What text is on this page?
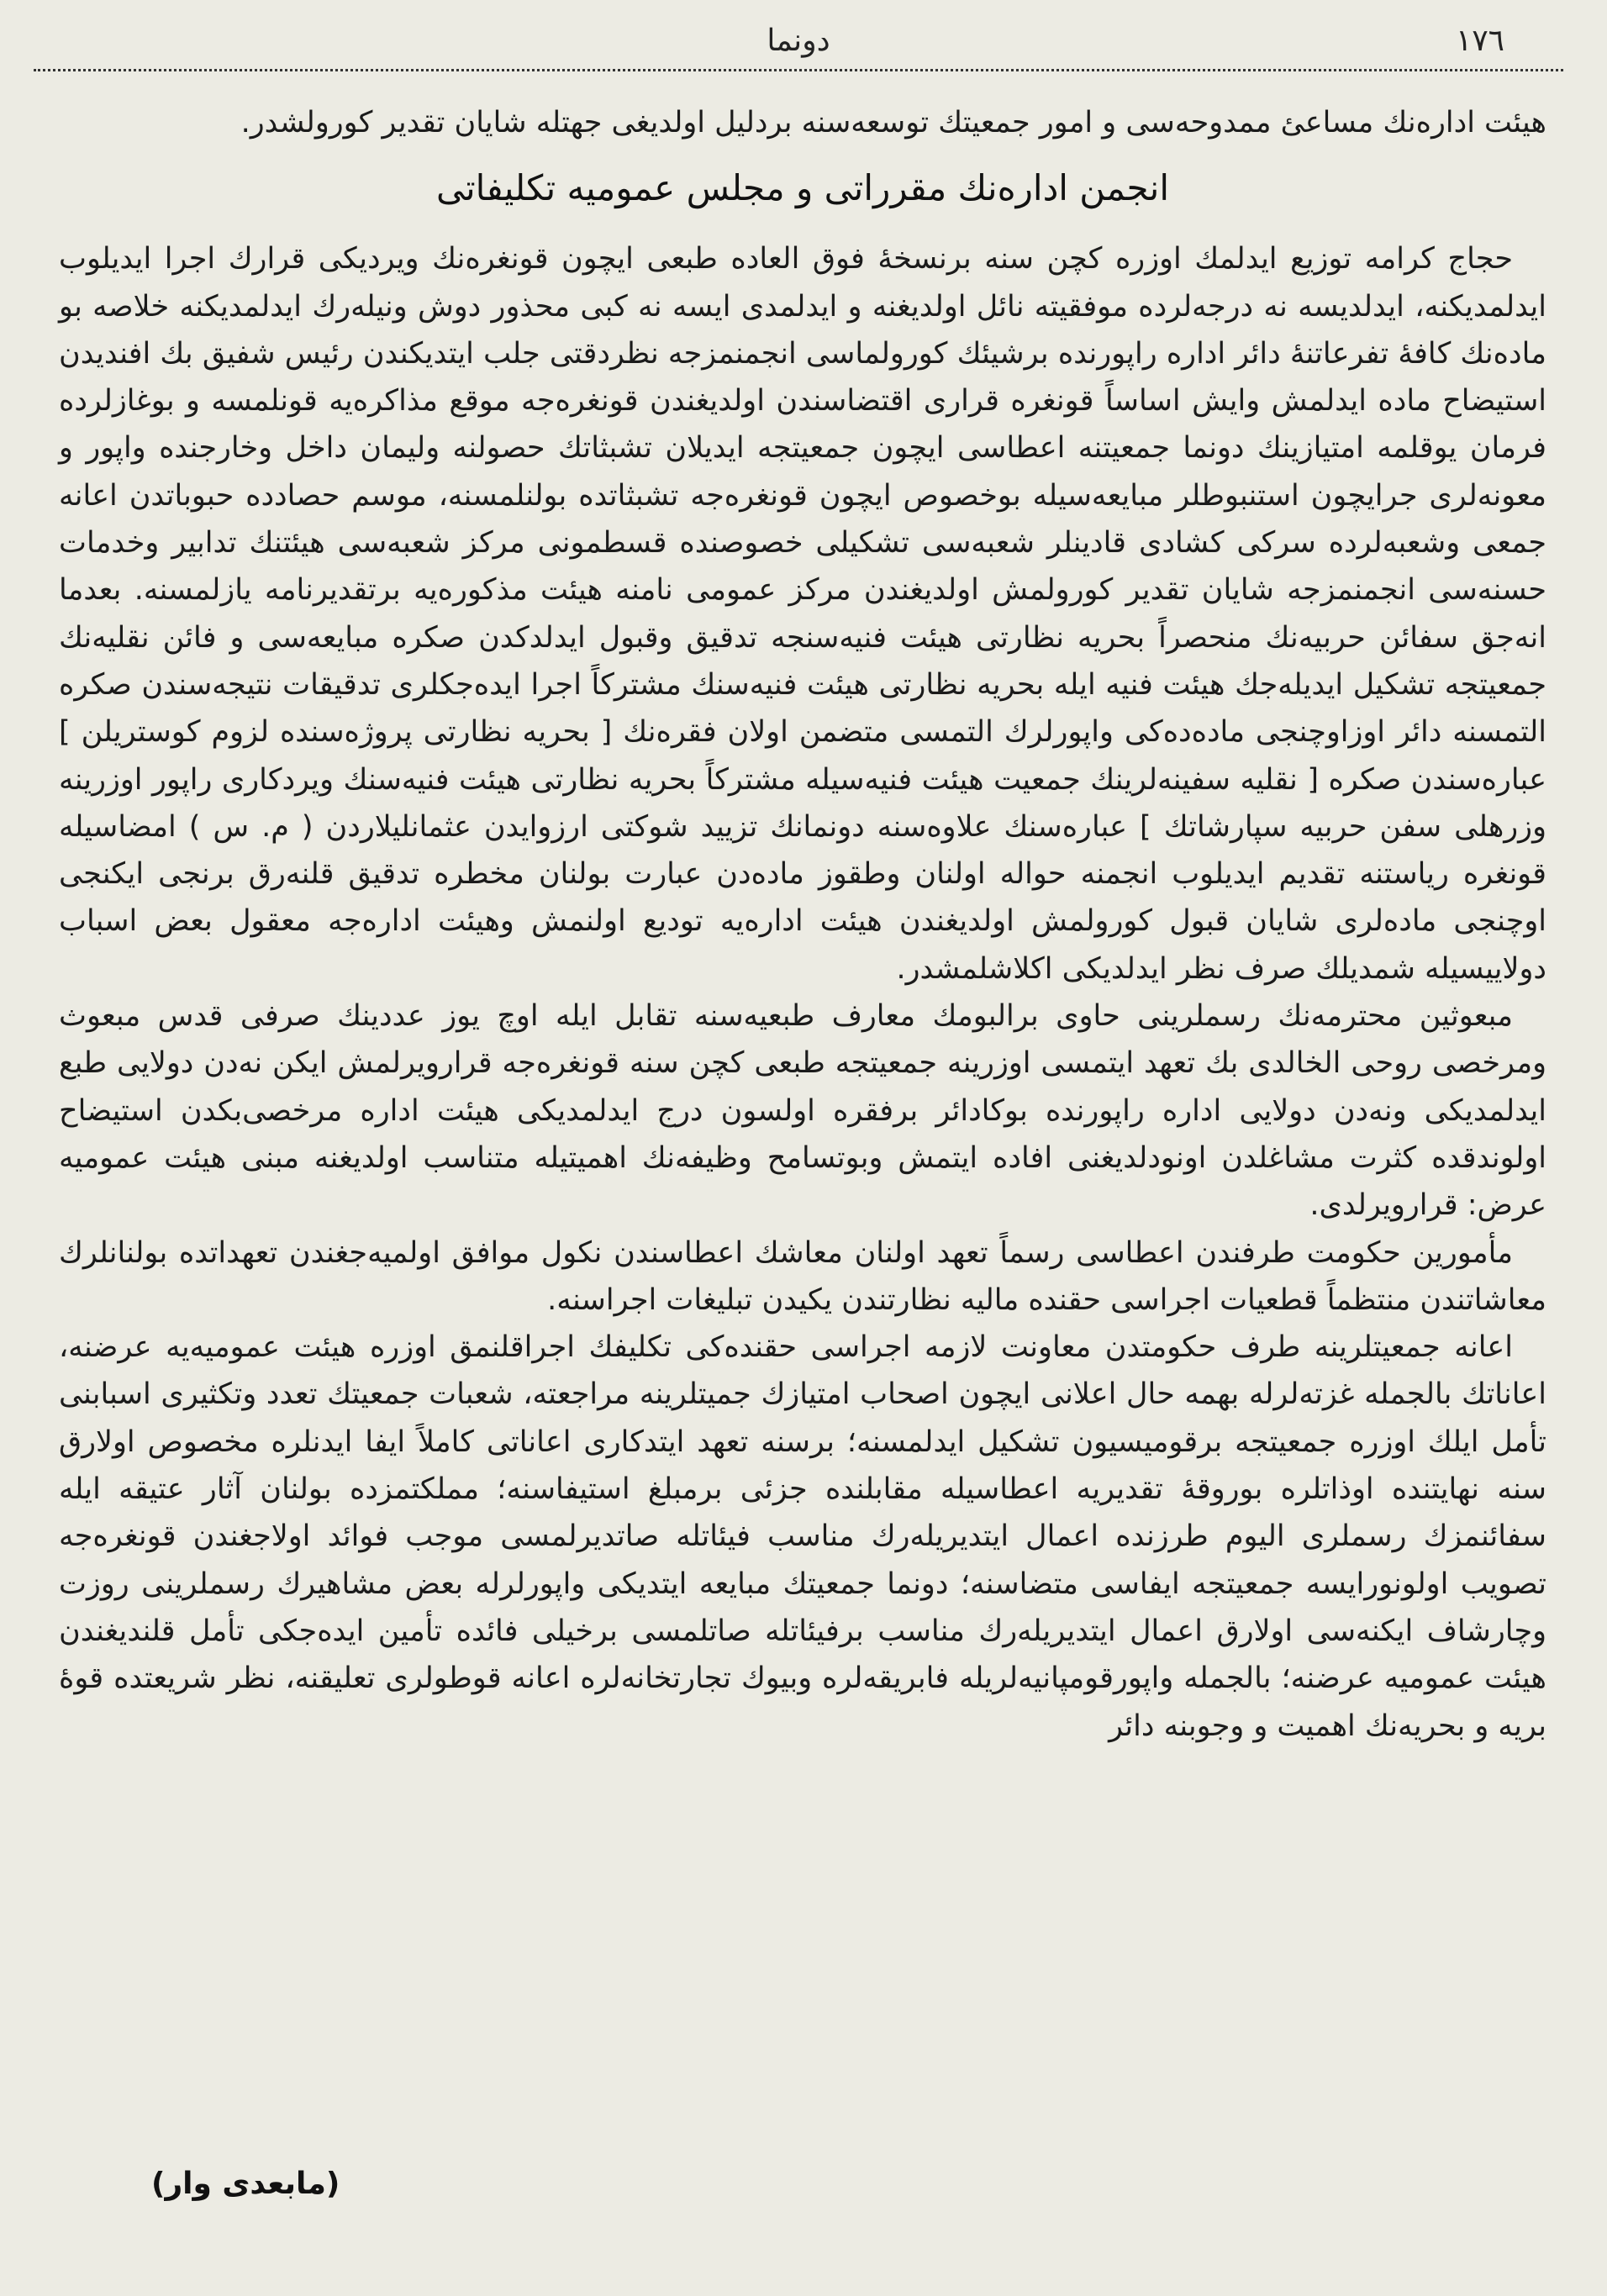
دونما	١٧٦

هیئت ادارەنك مساعئ ممدوحەسی و امور جمعیتك توسعەسنه بردلیل اولدیغی جهتله شایان تقدیر کورولشدر.

انجمن ادارەنك مقرراتی و مجلس عمومیه تكلیفاتی

حجاج کرامه توزیع ایدلمك اوزره کچن سنه برنسخهٔ فوق العاده طبعی ایچون قونغرەنك ویردیكی قرارك اجرا ایدیلوب ایدلمدیكنه، ایدلدیسه نه درجه‌لرده موفقیته نائل اولدیغنه و ایدلمدی ایسه نه كبی محذور دوش ونیله‌رك ایدلمدیكنه خلاصه بو مادەنك كافهٔ تفرعاتنهٔ دائر اداره راپورنده برشیئك کورولماسی انجمنمزجه نظردقتی جلب ایتدیكندن رئیس شفیق بك افندیدن استیضاح ماده ایدلمش وایش اساساً قونغره قراری اقتضاسندن اولدیغندن قونغره‌جه موقع مذاکره‌یه قونلمسه و بوغازلرده فرمان یوقلمه امتیازینك دونما جمعیتنه اعطاسی ایچون جمعیتجه ایدیلان تشبثاتك حصولنه ولیمان داخل وخارجنده واپور و معونه‌لری جرایچون استنبوطلر مبایعه‌سیله بوخصوص ایچون قونغره‌جه تشبثاتده بولنلمسنه، موسم حصادده حبوباتدن اعانه جمعی وشعبه‌لرده سركی كشادی قادینلر شعبه‌سی تشكیلی خصوصنده قسطمونی مركز شعبه‌سی هیئتنك تدابیر وخدمات حسنه‌سی انجمنمزجه شایان تقدیر كورولمش اولدیغندن مركز عمومی نامنه هیئت مذکوره‌یه برتقدیرنامه یازلمسنه. بعدما انه‌جق سفائن حربیه‌نك منحصراً بحریه نظارتی هیئت فنیه‌سنجه تدقیق وقبول ایدلدكدن صكره مبایعه‌سی و فائن نقلیه‌نك جمعیتجه تشكیل ایدیله‌جك هیئت فنیه ایله بحریه نظارتی هیئت فنیه‌سنك مشتركاً اجرا ایده‌جكلری تدقیقات نتیجه‌سندن صكره التمسنه دائر اوزاوچنجی ماده‌ده‌كی واپورلرك التمسی متضمن اولان فقره‌نك [ بحریه نظارتی پروژه‌سنده لزوم كوستریلن ] عباره‌سندن صكره [ نقلیه سفینه‌لرینك جمعیت هیئت فنیه‌سیله مشتركاً بحریه نظارتی هیئت فنیه‌سنك ویردكاری راپور اوزرینه وزرهلی سفن حربیه سپارشاتك ] عباره‌سنك علاوه‌سنه دونمانك تزیید شوكتی ارزواید‌ن عثمانلیلاردن ( م. س ) امضاسیله قونغره ریاستنه تقدیم ایدیلوب انجمنه حواله اولنان وطقوز ماده‌دن عبارت بولنان مخطره تدقیق قلنه‌رق برنجی ایكنجی اوچنجی ماده‌لری شایان قبول كورولمش اولدیغندن هیئت اداره‌یه تودیع اولنمش وهیئت اداره‌جه معقول بعض اسباب دولاییسیله شمدیلك صرف نظر ایدلدیكی اكلاشلمشدر.

مبعوثین محترمه‌نك رسملرینی حاوی برالبومك معارف طبعیه‌سنه تقابل ایله اوچ یوز عددینك صرفی قدس مبعوث ومرخصی روحی الخالدی بك تعهد ایتمسی اوزرینه جمعیتجه طبعی كچن سنه قونغره‌جه قرارویرلمش ایكن نه‌دن دولایی طبع ایدلمدیكی ونه‌دن دولایی اداره راپورنده بوكادائر برفقره اولسون درج ایدلمدیكی هیئت اداره مرخصی‌بكدن استیضاح اولوندقده كثرت مشاغلدن اونودلدیغنی افاده ایتمش وبوتسامح وظیفه‌نك اهمیتیله متناسب اولدیغنه مبنی هیئت عمومیه عرض: قرارویرلدی.

مأمورین حكومت طرفندن اعطاسی رسماً تعهد اولنان معاشك اعطاسندن نكول موافق اولمیه‌جغندن تعهداتده بولنانلرك معاشاتندن منتظماً قطعیات اجراسی حقنده مالیه نظارتندن یكیدن تبلیغات اجراسنه.

اعانه جمعیتلرینه طرف حكومتدن معاونت لازمه اجراسی حقنده‌كی تكلیفك اجراقلنمق اوزره هیئت عمومیه‌یه عرضنه، اعاناتك بالجمله غزته‌لرله بهمه حال اعلانی ایچون اصحاب امتیازك جمیتلرینه مراجعته، شعبات جمعیتك تعدد وتكثیری اسبابنی تأمل ایلك اوزره جمعیتجه برقومیسیون تشكیل ایدلمسنه؛ برسنه تعهد ایتدكاری اعاناتی كاملاً ایفا ایدنلره مخصوص اولارق سنه نهایتنده اوذاتلره بوروقهٔ تقدیریه اعطاسیله مقابلنده جزئی برمبلغ استیفاسنه؛ مملكتمزده بولنان آثار عتیقه ایله سفائنمزك رسملری الیوم طرزنده اعمال ایتدیریله‌رك مناسب فیئاتله صاتدیرلمسی موجب فوائد اولاجغندن قونغره‌جه تصویب اولونورایسه جمعیتجه ایفاسی متضاسنه؛ دونما جمعیتك مبایعه ایتدیكی واپورلرله بعض مشاهیرك رسملرینی روزت وچارشاف ایكنه‌سی اولارق اعمال ایتدیریله‌رك مناسب برفیئاتله صاتلمسی برخیلی فائده تأمین ایده‌جكی تأمل قلندیغندن هیئت عمومیه عرضنه؛ بالجمله واپورقومپانیه‌لریله فابریقه‌لره وبیوك تجارتخانه‌لره اعانه قوطولری تعلیقنه، نظر شریعتده قوهٔ بریه و بحریه‌نك اهمیت و وجوبنه دائر

(مابعدی وار)
